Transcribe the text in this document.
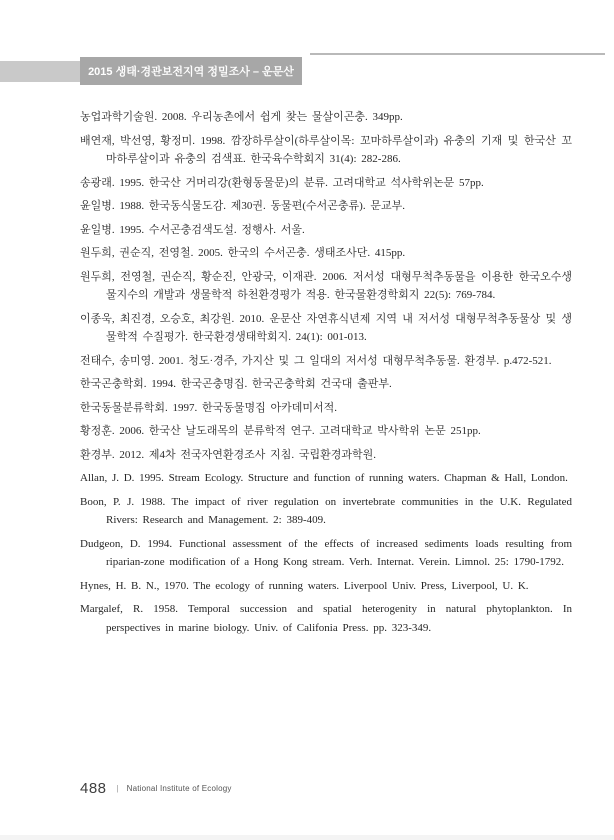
2015 생태·경관보전지역 정밀조사 – 운문산
농업과학기술원. 2008. 우리농촌에서 쉽게 찾는 물살이곤충. 349pp.
배연재, 박선영, 황정미. 1998. 깜장하루살이(하루살이목: 꼬마하루살이과) 유충의 기재 및 한국산 꼬마하루살이과 유충의 검색표. 한국육수학회지 31(4): 282-286.
송광래. 1995. 한국산 거머리강(환형동물문)의 분류. 고려대학교 석사학위논문 57pp.
윤일병. 1988. 한국동식물도감. 제30권. 동물편(수서곤충류). 문교부.
윤일병. 1995. 수서곤충검색도설. 정행사. 서울.
원두희, 권순직, 전영철. 2005. 한국의 수서곤충. 생태조사단. 415pp.
원두희, 전영철, 권순직, 황순진, 안광국, 이재관. 2006. 저서성 대형무척추동물을 이용한 한국오수생물지수의 개발과 생물학적 하천환경평가 적용. 한국물환경학회지 22(5): 769-784.
이종욱, 최진경, 오승호, 최강원. 2010. 운문산 자연휴식년제 지역 내 저서성 대형무척추동물상 및 생물학적 수질평가. 한국환경생태학회지. 24(1): 001-013.
전태수, 송미영. 2001. 청도·경주, 가지산 및 그 일대의 저서성 대형무척추동물. 환경부. p.472-521.
한국곤충학회. 1994. 한국곤충명집. 한국곤충학회 건국대 출판부.
한국동물분류학회. 1997. 한국동물명집 아카데미서적.
황정훈. 2006. 한국산 날도래목의 분류학적 연구. 고려대학교 박사학위 논문 251pp.
환경부. 2012. 제4차 전국자연환경조사 지침. 국립환경과학원.
Allan, J. D. 1995. Stream Ecology. Structure and function of running waters. Chapman & Hall, London.
Boon, P. J. 1988. The impact of river regulation on invertebrate communities in the U.K. Regulated Rivers: Research and Management. 2: 389-409.
Dudgeon, D. 1994. Functional assessment of the effects of increased sediments loads resulting from riparian-zone modification of a Hong Kong stream. Verh. Internat. Verein. Limnol. 25: 1790-1792.
Hynes, H. B. N., 1970. The ecology of running waters. Liverpool Univ. Press, Liverpool, U. K.
Margalef, R. 1958. Temporal succession and spatial heterogenity in natural phytoplankton. In perspectives in marine biology. Univ. of Califonia Press. pp. 323-349.
488 | National Institute of Ecology
